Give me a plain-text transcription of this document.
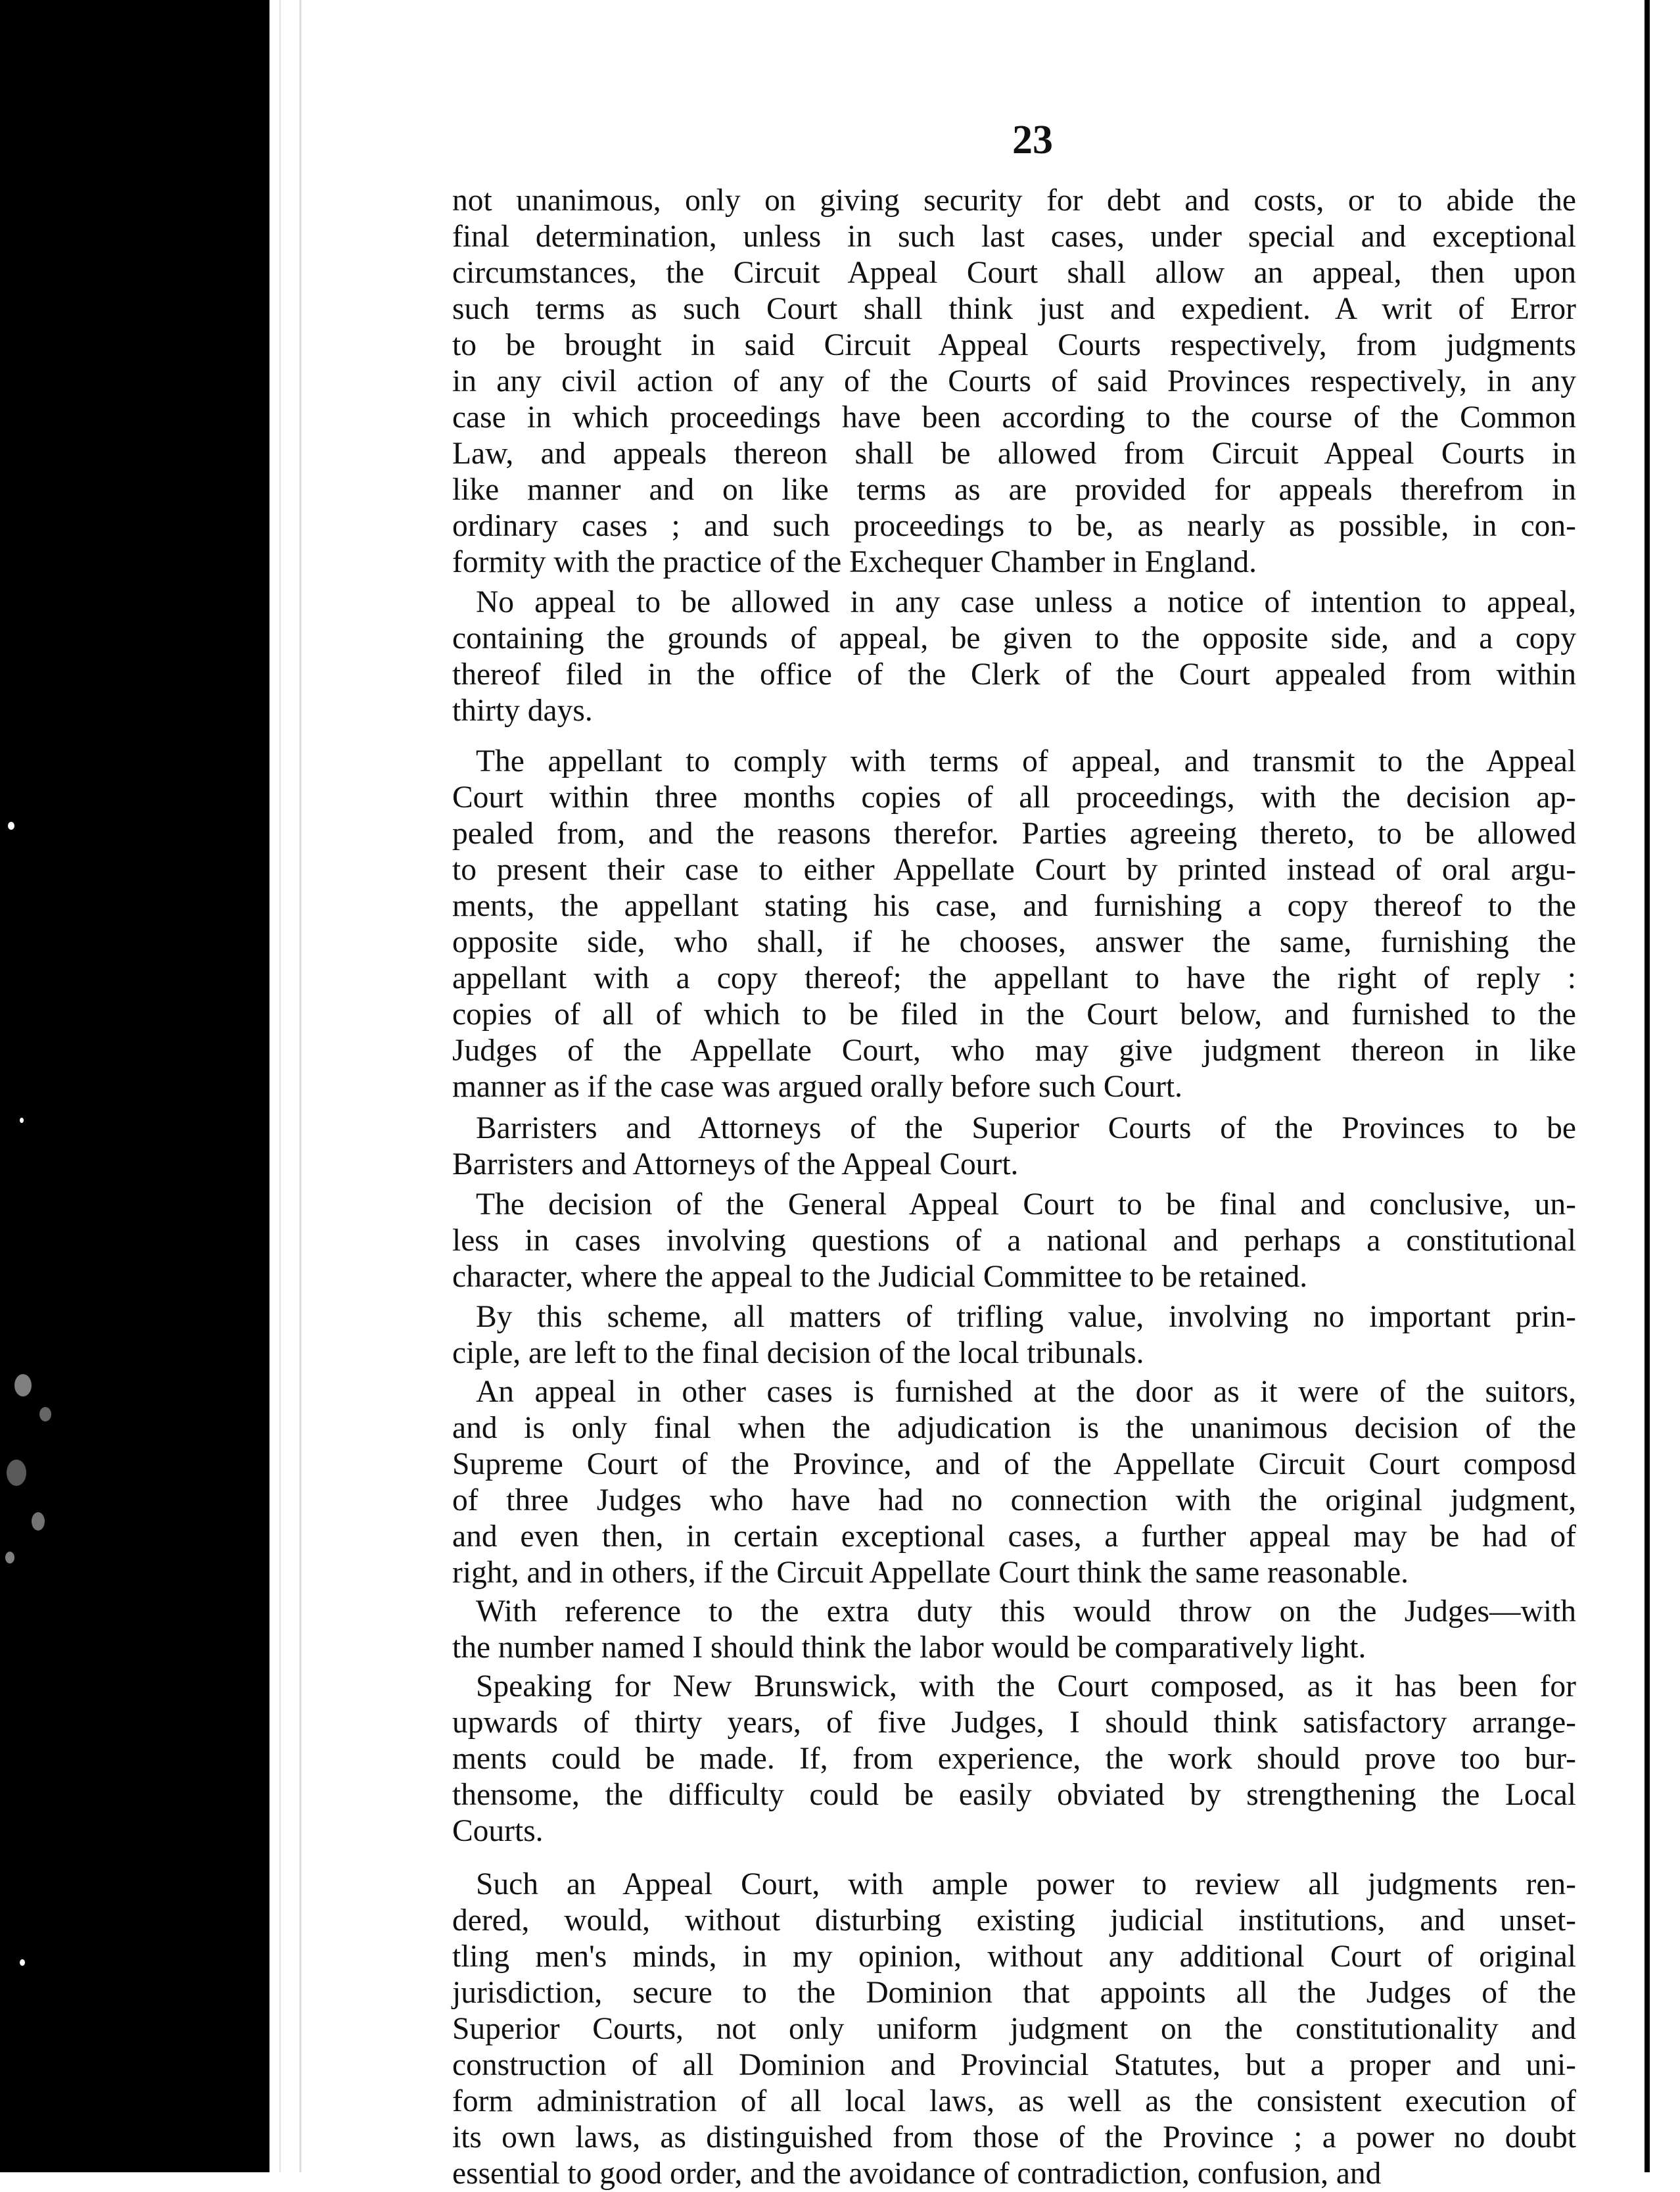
23
not unanimous, only on giving security for debt and costs, or to abide the
final determination, unless in such last cases, under special and exceptional
circumstances, the Circuit Appeal Court shall allow an appeal, then upon
such terms as such Court shall think just and expedient. A writ of Error
to be brought in said Circuit Appeal Courts respectively, from judgments
in any civil action of any of the Courts of said Provinces respectively, in any
case in which proceedings have been according to the course of the Common
Law, and appeals thereon shall be allowed from Circuit Appeal Courts in
like manner and on like terms as are provided for appeals therefrom in
ordinary cases ; and such proceedings to be, as nearly as possible, in con-
formity with the practice of the Exchequer Chamber in England.
No appeal to be allowed in any case unless a notice of intention to appeal,
containing the grounds of appeal, be given to the opposite side, and a copy
thereof filed in the office of the Clerk of the Court appealed from within
thirty days.
The appellant to comply with terms of appeal, and transmit to the Appeal
Court within three months copies of all proceedings, with the decision ap-
pealed from, and the reasons therefor. Parties agreeing thereto, to be allowed
to present their case to either Appellate Court by printed instead of oral argu-
ments, the appellant stating his case, and furnishing a copy thereof to the
opposite side, who shall, if he chooses, answer the same, furnishing the
appellant with a copy thereof; the appellant to have the right of reply :
copies of all of which to be filed in the Court below, and furnished to the
Judges of the Appellate Court, who may give judgment thereon in like
manner as if the case was argued orally before such Court.
Barristers and Attorneys of the Superior Courts of the Provinces to be
Barristers and Attorneys of the Appeal Court.
The decision of the General Appeal Court to be final and conclusive, un-
less in cases involving questions of a national and perhaps a constitutional
character, where the appeal to the Judicial Committee to be retained.
By this scheme, all matters of trifling value, involving no important prin-
ciple, are left to the final decision of the local tribunals.
An appeal in other cases is furnished at the door as it were of the suitors,
and is only final when the adjudication is the unanimous decision of the
Supreme Court of the Province, and of the Appellate Circuit Court composd
of three Judges who have had no connection with the original judgment,
and even then, in certain exceptional cases, a further appeal may be had of
right, and in others, if the Circuit Appellate Court think the same reasonable.
With reference to the extra duty this would throw on the Judges—with
the number named I should think the labor would be comparatively light.
Speaking for New Brunswick, with the Court composed, as it has been for
upwards of thirty years, of five Judges, I should think satisfactory arrange-
ments could be made. If, from experience, the work should prove too bur-
thensome, the difficulty could be easily obviated by strengthening the Local
Courts.
Such an Appeal Court, with ample power to review all judgments ren-
dered, would, without disturbing existing judicial institutions, and unset-
tling men's minds, in my opinion, without any additional Court of original
jurisdiction, secure to the Dominion that appoints all the Judges of the
Superior Courts, not only uniform judgment on the constitutionality and
construction of all Dominion and Provincial Statutes, but a proper and uni-
form administration of all local laws, as well as the consistent execution of
its own laws, as distinguished from those of the Province ; a power no doubt
essential to good order, and the avoidance of contradiction, confusion, and
